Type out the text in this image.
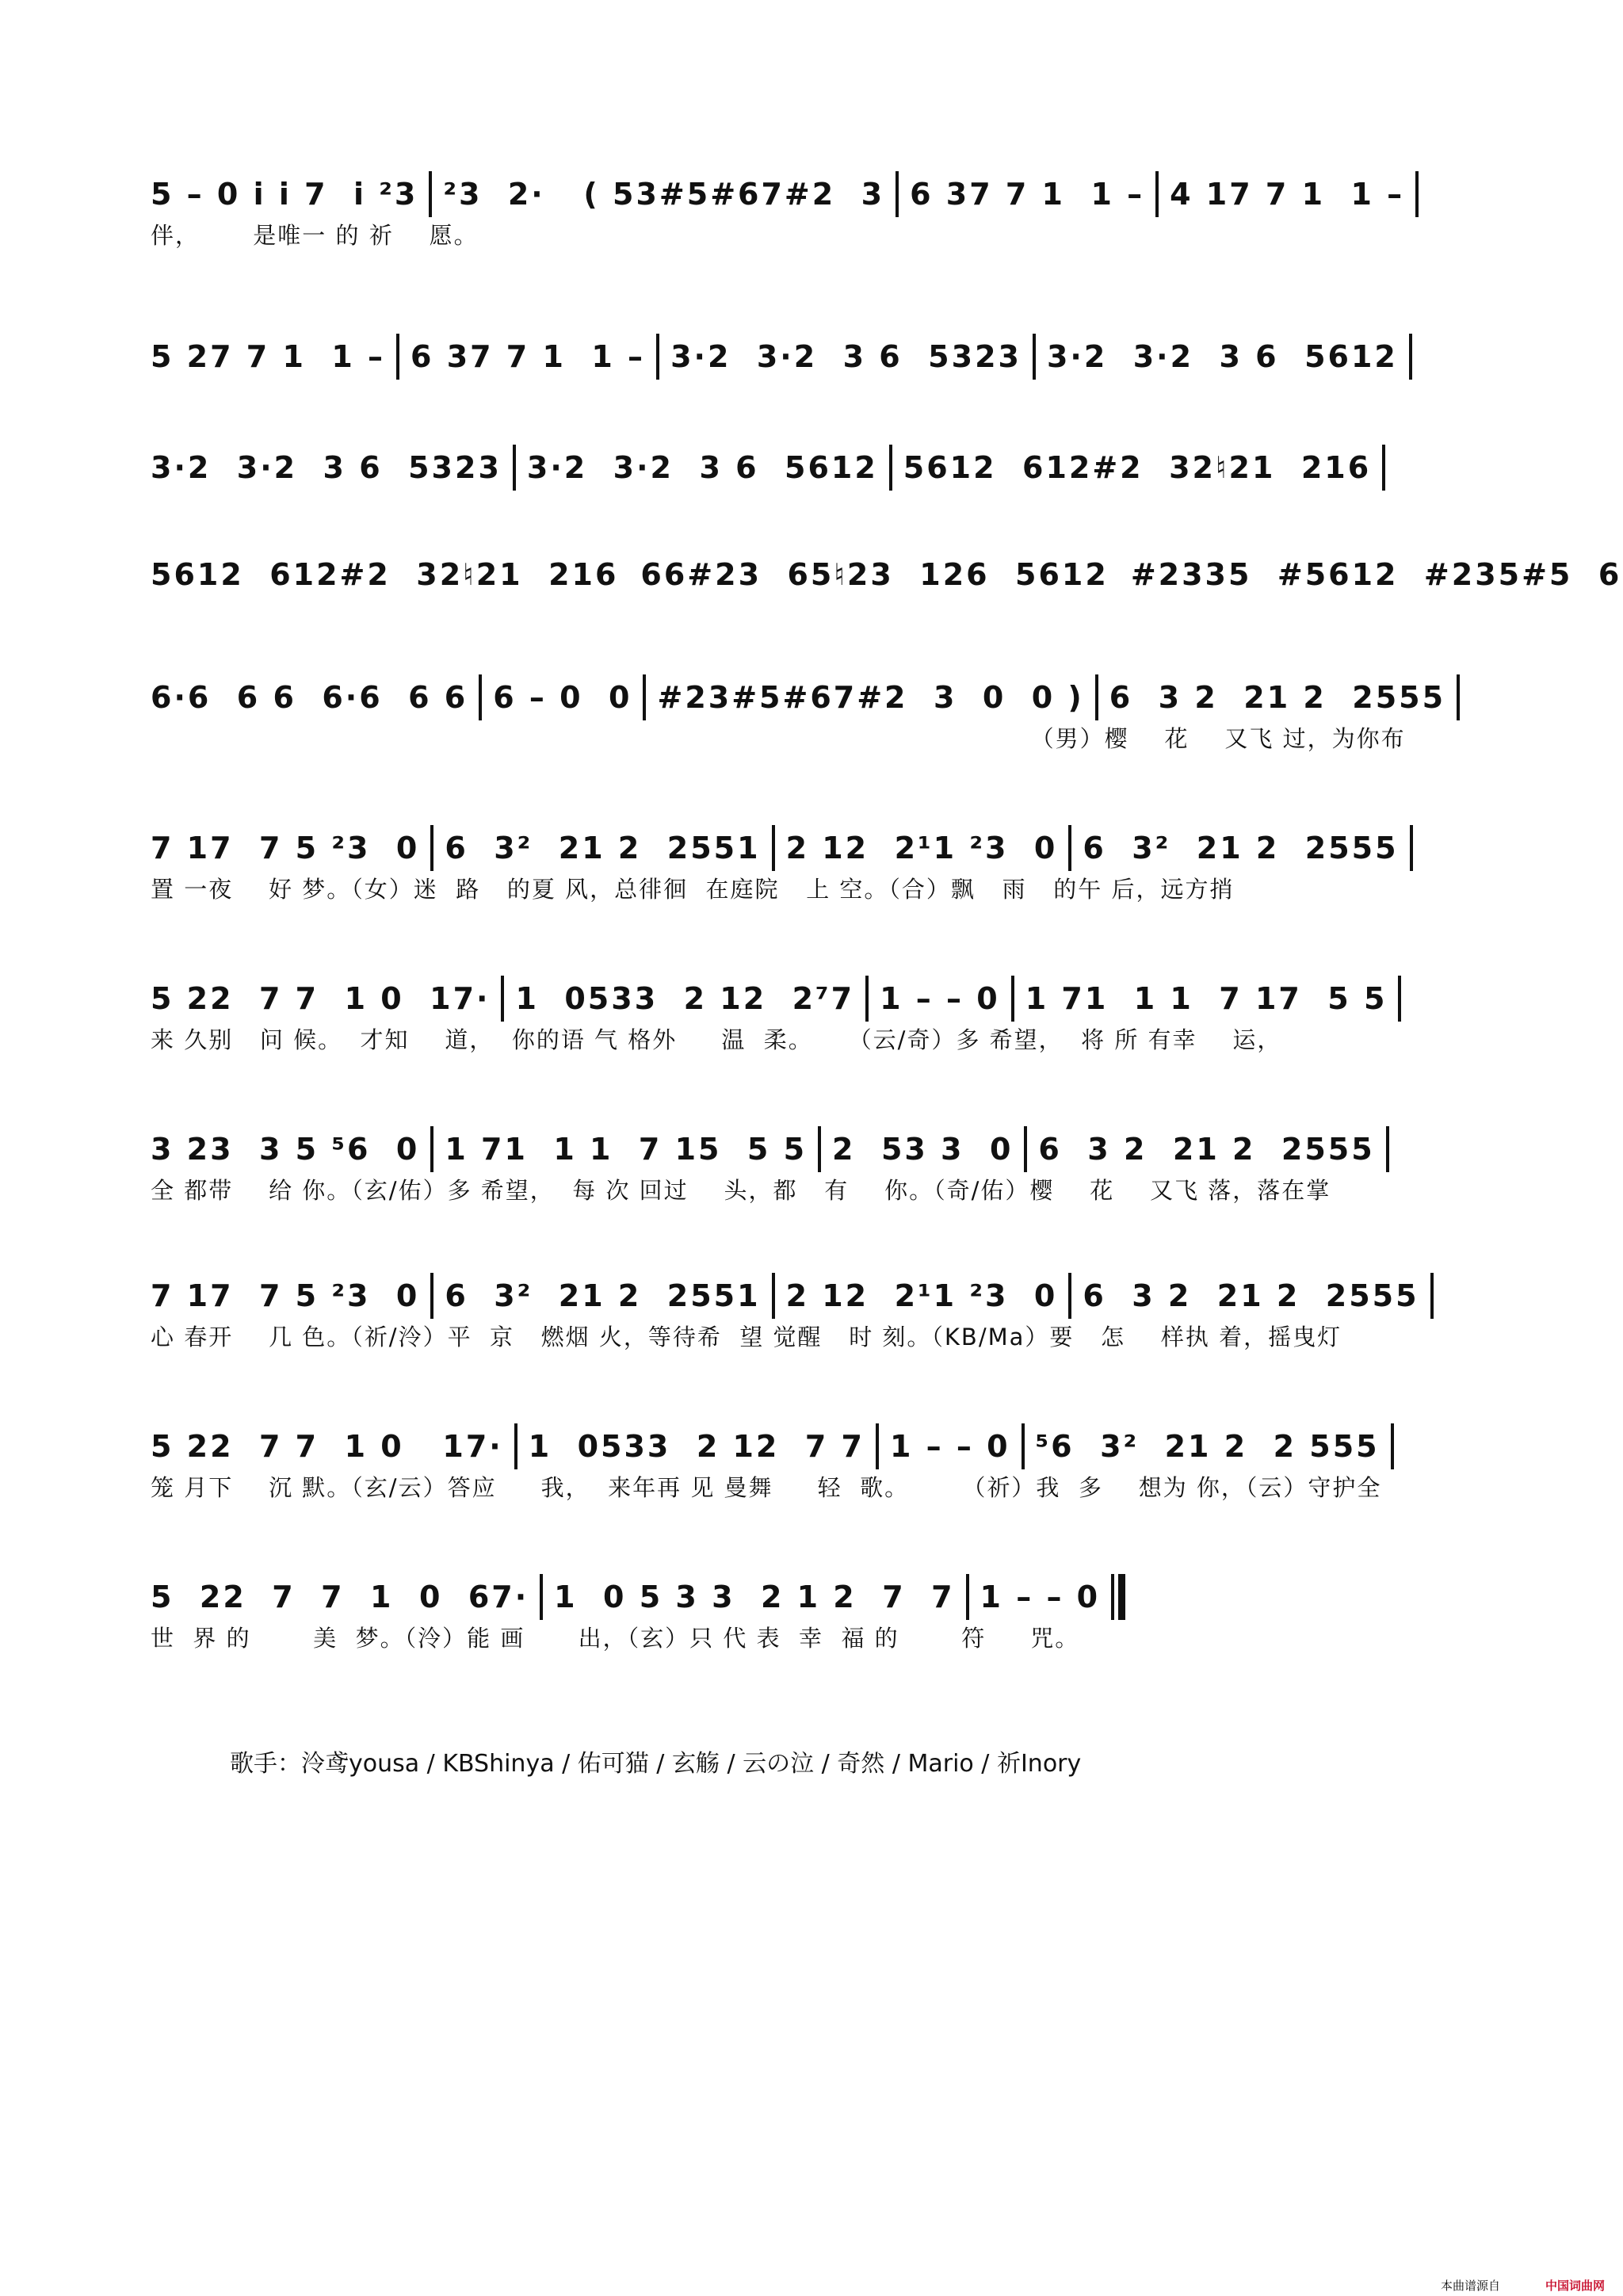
5 – 0 i i 7  i ²3 ²3  2·   ( 53#5#67#2  3 6 37 7 1  1 – 4 17 7 1  1 –
伴，      是唯一 的 祈    愿。
5 27 7 1  1 – 6 37 7 1  1 – 3·2  3·2  3 6  5323 3·2  3·2  3 6  5612
3·2  3·2  3 6  5323 3·2  3·2  3 6  5612 5612  612#2  32♮21  216
5612  612#2  32♮21  216 66#23  65♮23  126  5612 #2335  #5612  #235#5  6
6·6  6 6  6·6  6 6 6 – 0  0 #23#5#67#2  3  0  0 ) 6  3 2  21 2  2555
（男）樱    花    又飞 过，为你布
7 17  7 5 ²3  0 6  3²  21 2  2551 2 12  2¹1 ²3  0 6  3²  21 2  2555
置 一夜    好 梦。（女）迷  路   的夏 风，总徘徊  在庭院   上 空。（合）飘   雨   的午 后，远方捎
5 22  7 7  1 0  17· 1  0533  2 12  2⁷7 1 – – 0 1 71  1 1  7 17  5 5
来 久别   问 候。  才知    道，  你的语 气 格外     温  柔。    （云/奇）多 希望，  将 所 有幸    运，
3 23  3 5 ⁵6  0 1 71  1 1  7 15  5 5 2  53 3  0 6  3 2  21 2  2555
全 都带    给 你。（玄/佑）多 希望，  每 次 回过    头，都   有    你。（奇/佑）樱    花    又飞 落，落在掌
7 17  7 5 ²3  0 6  3²  21 2  2551 2 12  2¹1 ²3  0 6  3 2  21 2  2555
心 春开    几 色。（祈/泠）平  京   燃烟 火，等待希  望 觉醒   时 刻。（KB/Ma）要   怎    样执 着，摇曳灯
5 22  7 7  1 0   17· 1  0533  2 12  7 7 1 – – 0 ⁵6  3²  21 2  2 555
笼 月下    沉 默。（玄/云）答应     我，  来年再 见 曼舞     轻  歌。      （祈）我  多    想为 你，（云）守护全
5  22  7  7  1  0  67· 1  0 5 3 3  2 1 2  7  7 1 – – 0
世  界 的       美  梦。（泠）能 画      出，（玄）只 代 表  幸  福 的       符     咒。
歌手：泠鸢yousa / KBShinya / 佑可猫 / 玄觞 / 云の泣 / 奇然 / Mario / 祈Inory
本曲谱源自	中国词曲网
